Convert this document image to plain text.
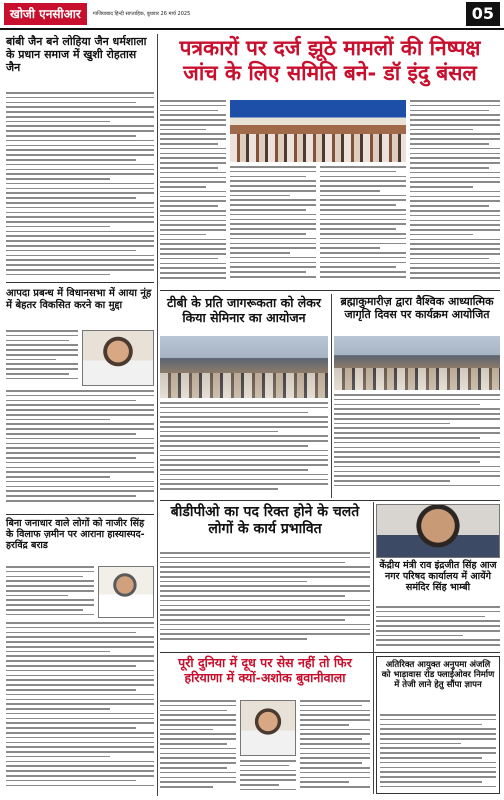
खोजी एनसीआर	गाजियाबाद हिन्दी साप्ताहिक, बुधवार 26 मार्च 2025	05
बांबी जैन बने लोहिया जैन धर्मशाला के प्रधान समाज में खुशी रोहतास जैन
पत्रकारों पर दर्ज झूठे मामलों की निष्पक्ष जांच के लिए समिति बने- डॉ इंदु बंसल
आपदा प्रबन्ध में विधानसभा में आया नूंह में बेहतर विकसित करने का मुद्दा	टीबी के प्रति जागरूकता को लेकर किया सेमिनार का आयोजन
ब्रह्माकुमारीज़ द्वारा वैश्विक आध्यात्मिक जागृति दिवस पर कार्यक्रम आयोजित
बीडीपीओ का पद रिक्त होने के चलते लोगों के कार्य प्रभावित
केंद्रीय मंत्री राव इंद्रजीत सिंह आज नगर परिषद कार्यालय में आयेंगे समंदिर सिंह भाम्बी
बिना जनाधार वाले लोगों को नाजीर सिंह के विलाफ ज़मीन पर आराना हास्यास्पद-हरविंद्र बराड
पूरी दुनिया में दूध पर सेस नहीं तो फिर हरियाणा में क्यों-अशोक बुवानीवाला
अतिरिक्त आयुक्त अनुपमा अंजलि को भाड़ावास रोड फ्लाईओवर निर्माण में तेजी लाने हेतु सौंपा ज्ञापन
